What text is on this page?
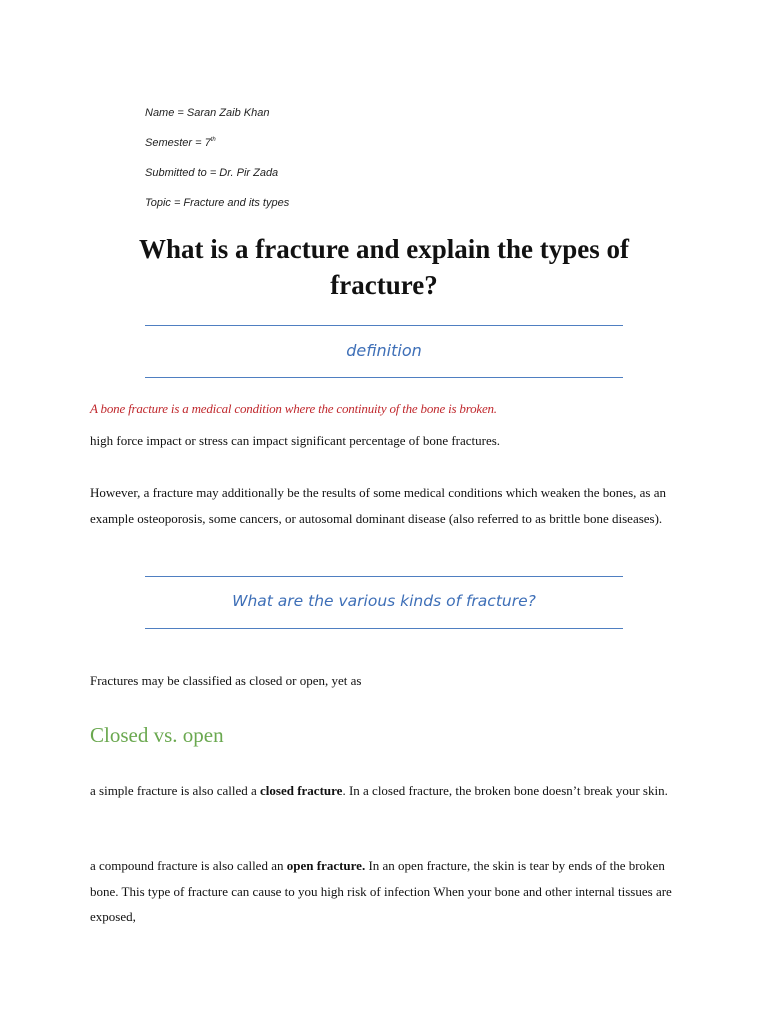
Name = Saran Zaib Khan
Semester = 7th
Submitted to = Dr. Pir Zada
Topic = Fracture and its types
What is a fracture and explain the types of fracture?
definition

A bone fracture is a medical condition where the continuity of the bone is broken.

high force impact or stress can impact significant percentage of bone fractures.

However, a fracture may additionally be the results of some medical conditions which weaken the bones, as an example osteoporosis, some cancers, or autosomal dominant disease (also referred to as brittle bone diseases).

What are the various kinds of fracture?

Fractures may be classified as closed or open, yet as

Closed vs. open

a simple fracture is also called a closed fracture. In a closed fracture, the broken bone doesn’t break your skin.

a compound fracture is also called an open fracture. In an open fracture, the skin is tear by ends of the broken bone. This type of fracture can cause to you high risk of infection When your bone and other internal tissues are exposed,
